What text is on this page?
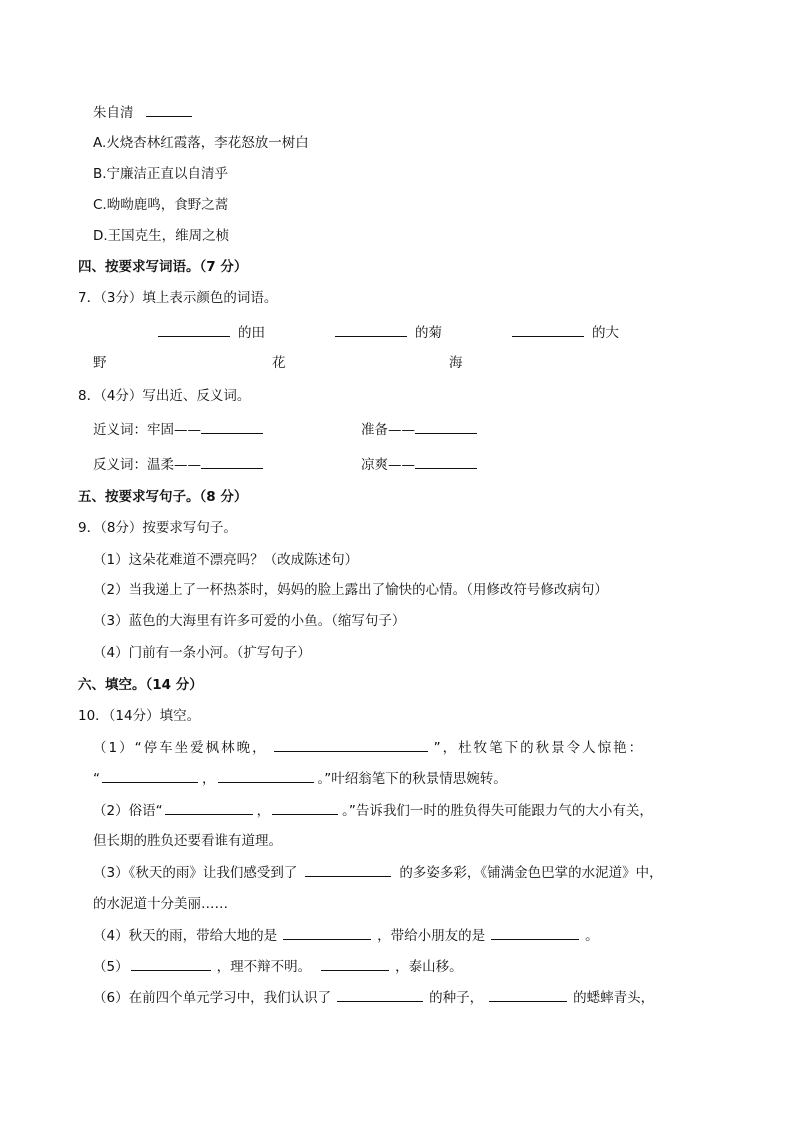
朱自清
A.火烧杏林红霞落，李花怒放一树白
B.宁廉洁正直以自清乎
C.呦呦鹿鸣，食野之蒿
D.王国克生，维周之桢
四、按要求写词语。（7 分）
7．（3分）填上表示颜色的词语。
的田	的菊	的大
野	花	海
8．（4分）写出近、反义词。
近义词：牢固——	准备——
反义词：温柔——	凉爽——
五、按要求写句子。（8 分）
9．（8分）按要求写句子。
（1）这朵花难道不漂亮吗？（改成陈述句）
（2）当我递上了一杯热茶时，妈妈的脸上露出了愉快的心情。（用修改符号修改病句）
（3）蓝色的大海里有许多可爱的小鱼。（缩写句子）
（4）门前有一条小河。（扩写句子）
六、填空。（14 分）
10．（14分）填空。
（1）“停车坐爱枫林晚，	”，杜牧笔下的秋景令人惊艳：
“	，	。”叶绍翁笔下的秋景情思婉转。
（2）俗语“	，	。”告诉我们一时的胜负得失可能跟力气的大小有关，
但长期的胜负还要看谁有道理。
（3）《秋天的雨》让我们感受到了	的多姿多彩，《铺满金色巴掌的水泥道》中，
的水泥道十分美丽……
（4）秋天的雨，带给大地的是	，带给小朋友的是	。
（5）	，理不辩不明。	，泰山移。
（6）在前四个单元学习中，我们认识了	的种子，	的蟋蟀青头，
